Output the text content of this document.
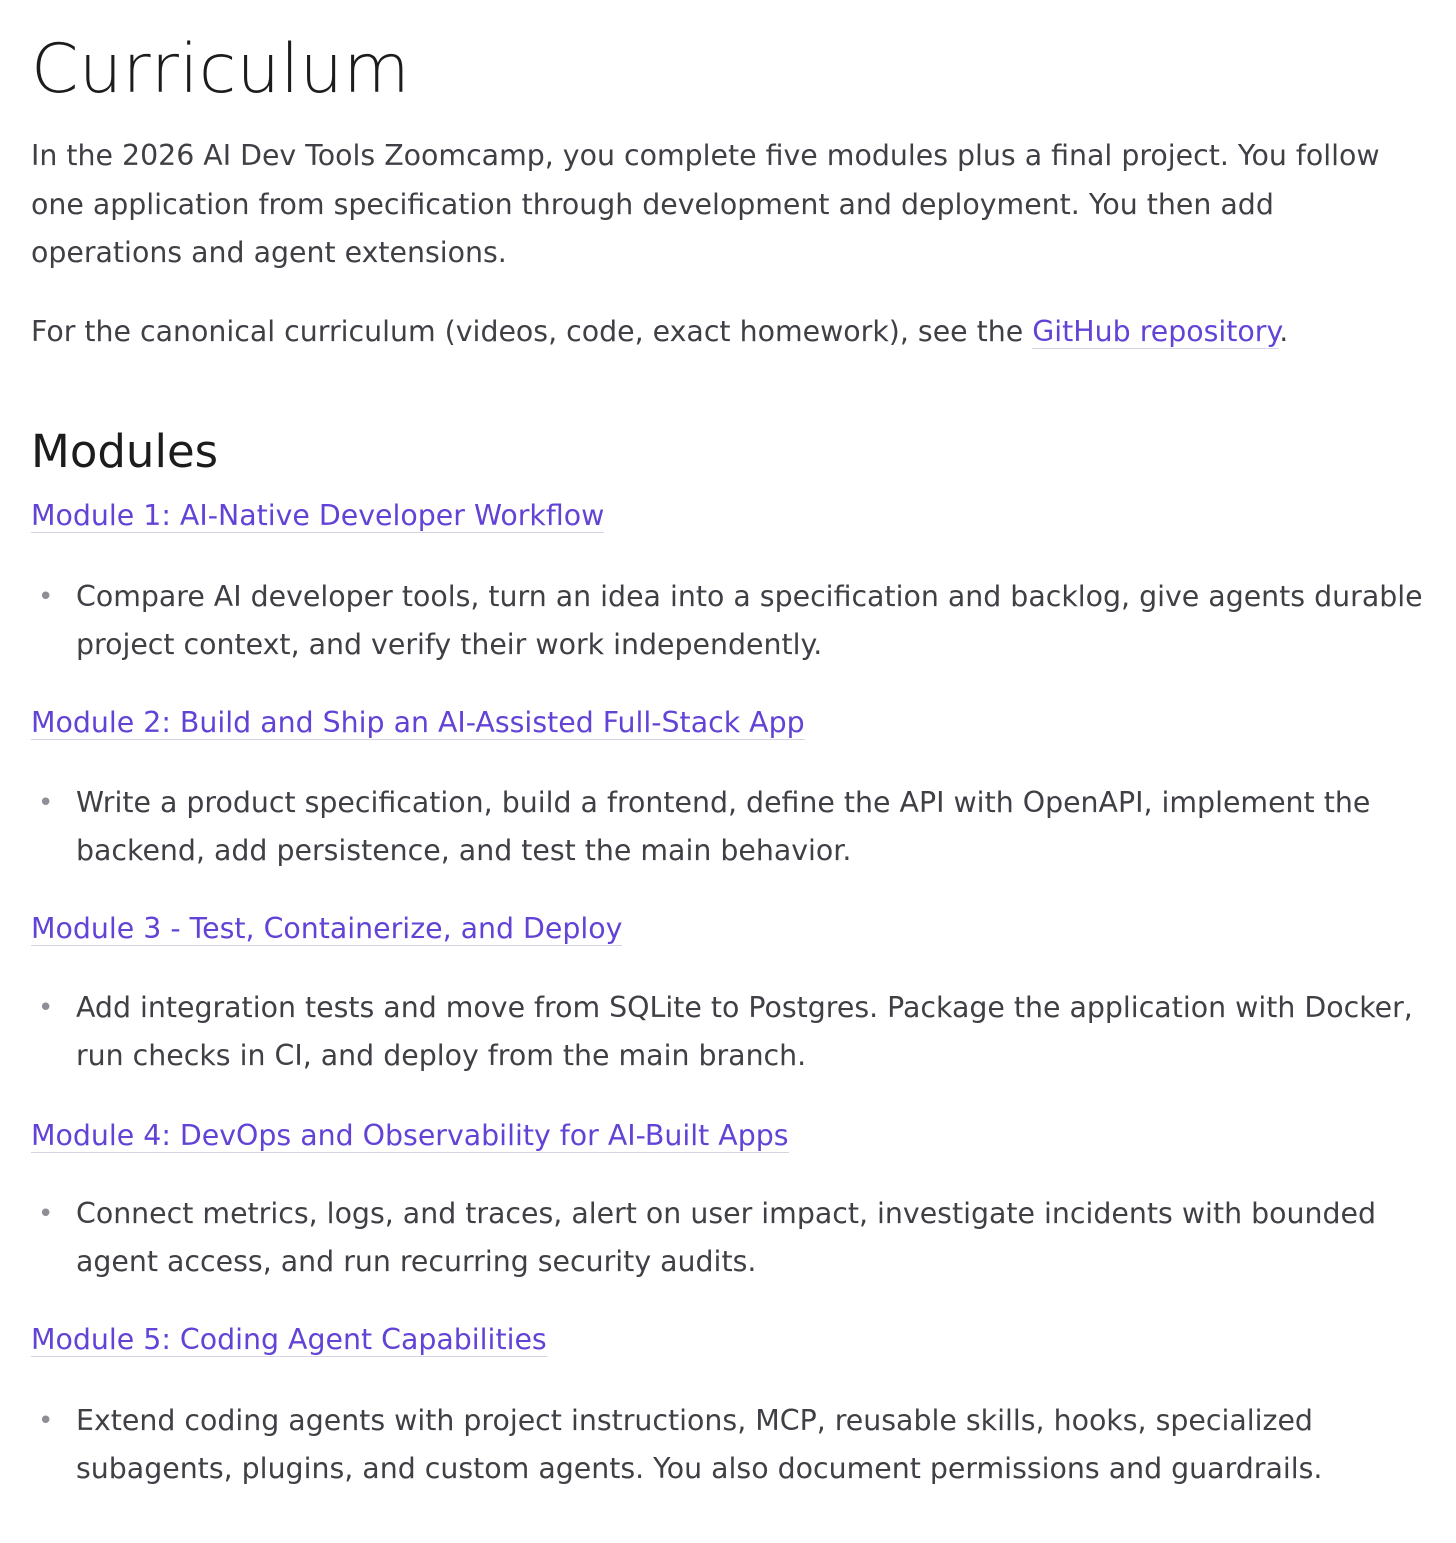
Curriculum

In the 2026 AI Dev Tools Zoomcamp, you complete five modules plus a final project. You follow one application from specification through development and deployment. You then add operations and agent extensions.

For the canonical curriculum (videos, code, exact homework), see the GitHub repository.

Modules
Module 1: AI-Native Developer Workflow
• Compare AI developer tools, turn an idea into a specification and backlog, give agents durable project context, and verify their work independently.
Module 2: Build and Ship an AI-Assisted Full-Stack App
• Write a product specification, build a frontend, define the API with OpenAPI, implement the backend, add persistence, and test the main behavior.
Module 3 - Test, Containerize, and Deploy
• Add integration tests and move from SQLite to Postgres. Package the application with Docker, run checks in CI, and deploy from the main branch.
Module 4: DevOps and Observability for AI-Built Apps
• Connect metrics, logs, and traces, alert on user impact, investigate incidents with bounded agent access, and run recurring security audits.
Module 5: Coding Agent Capabilities
• Extend coding agents with project instructions, MCP, reusable skills, hooks, specialized subagents, plugins, and custom agents. You also document permissions and guardrails.
